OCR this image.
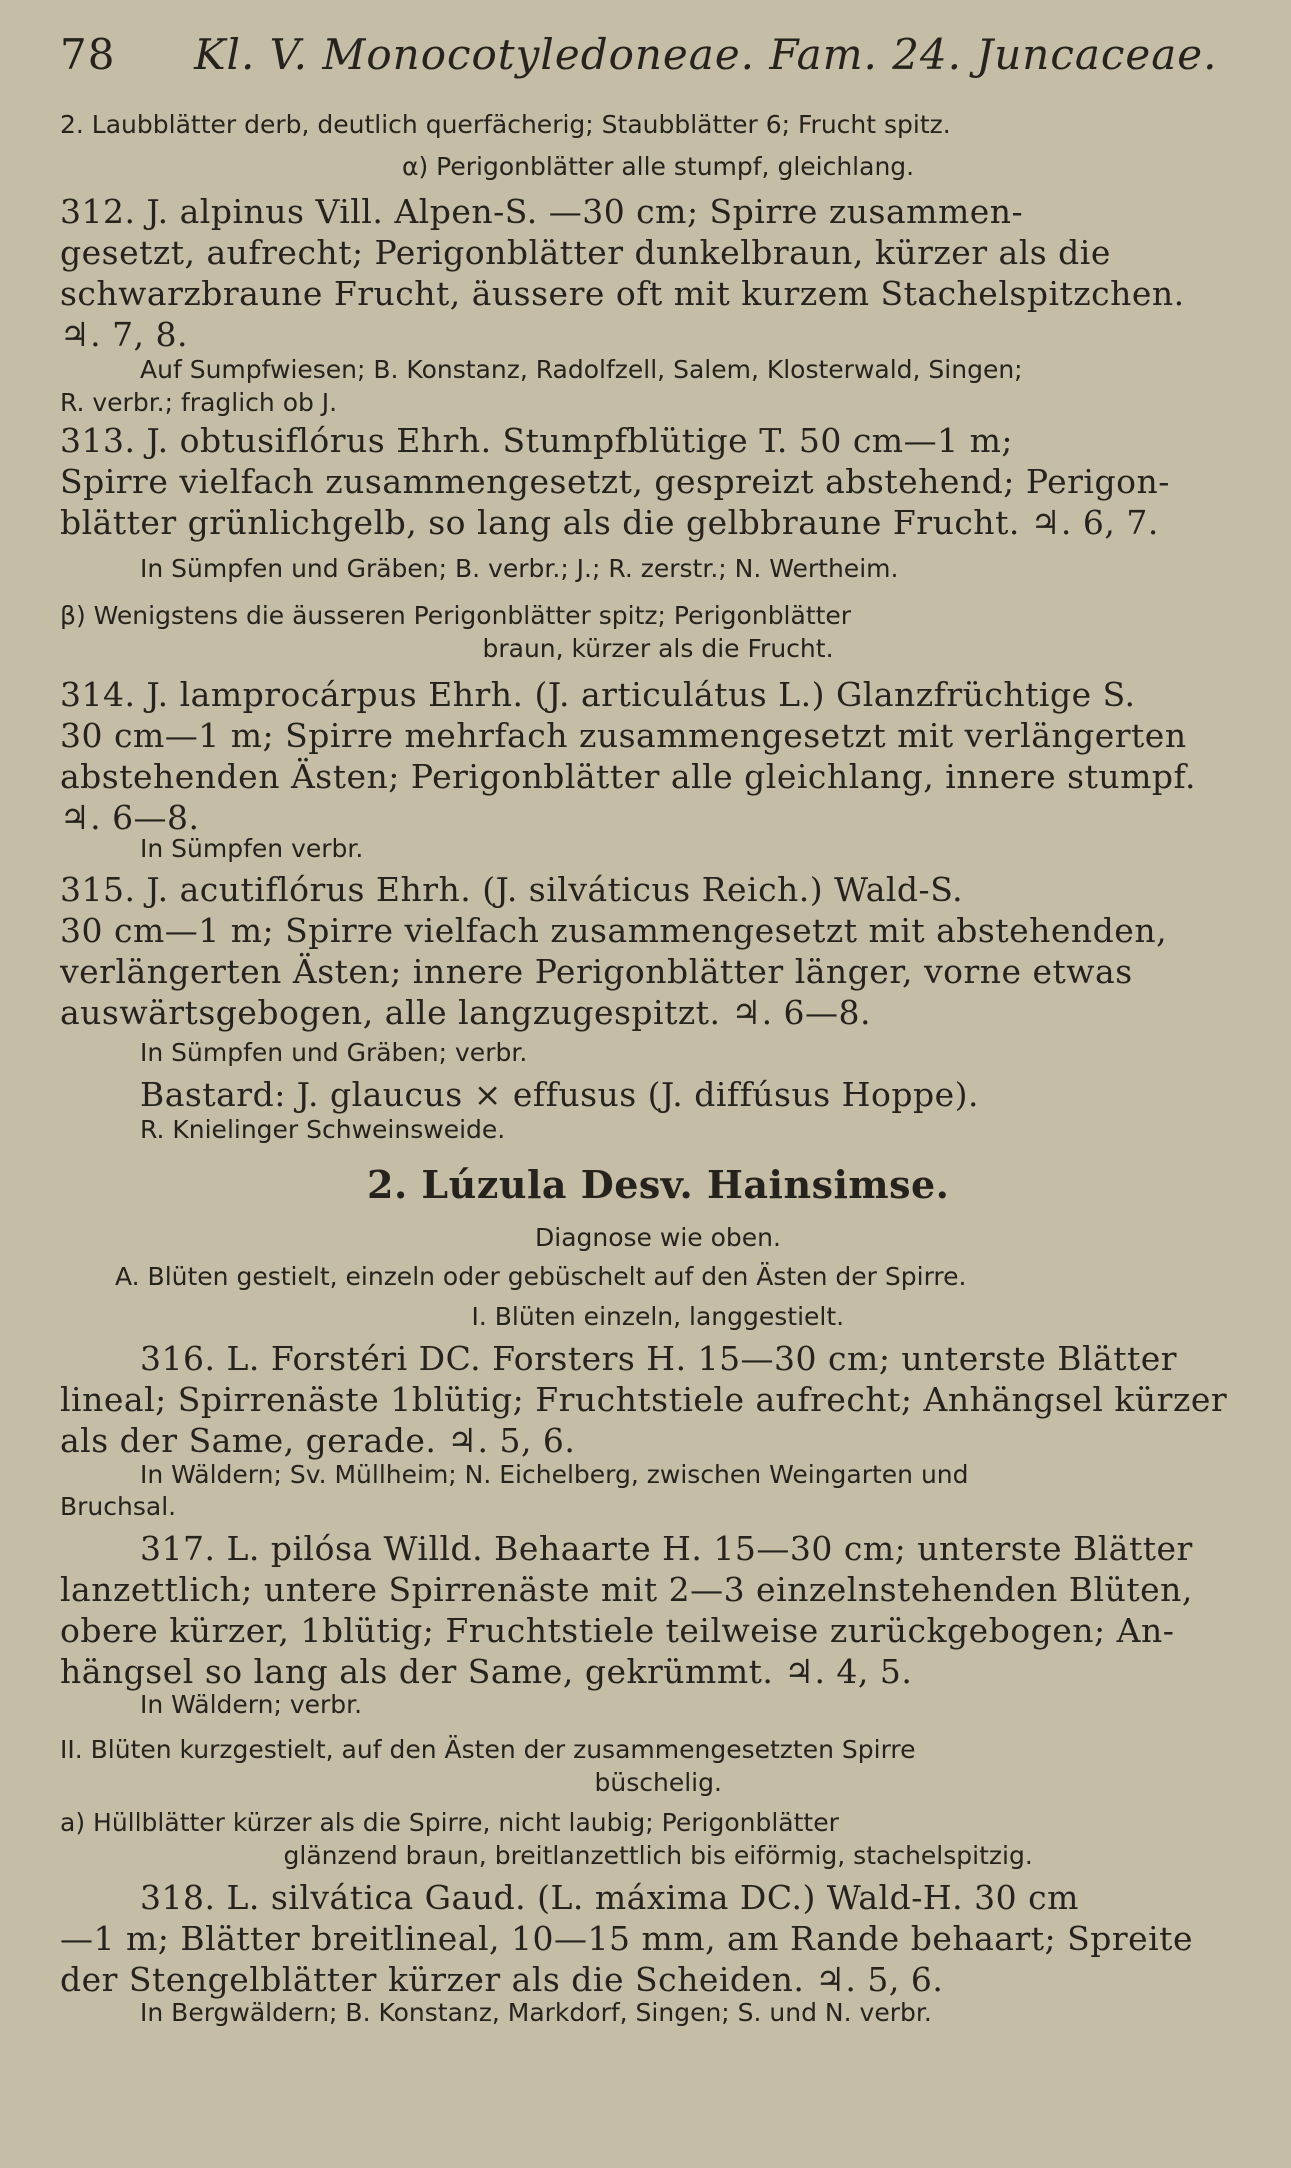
78 Kl. V. Monocotyledoneae. Fam. 24. Juncaceae.
2. Laubblätter derb, deutlich querfächerig; Staubblätter 6; Frucht spitz.
α) Perigonblätter alle stumpf, gleichlang.
312. J. alpinus Vill. Alpen-S. —30 cm; Spirre zusammen-
gesetzt, aufrecht; Perigonblätter dunkelbraun, kürzer als die
schwarzbraune Frucht, äussere oft mit kurzem Stachelspitzchen.
♃. 7, 8.
Auf Sumpfwiesen; B. Konstanz, Radolfzell, Salem, Klosterwald, Singen;
R. verbr.; fraglich ob J.
313. J. obtusiflórus Ehrh. Stumpfblütige T. 50 cm—1 m;
Spirre vielfach zusammengesetzt, gespreizt abstehend; Perigon-
blätter grünlichgelb, so lang als die gelbbraune Frucht. ♃. 6, 7.
In Sümpfen und Gräben; B. verbr.; J.; R. zerstr.; N. Wertheim.
β) Wenigstens die äusseren Perigonblätter spitz; Perigonblätter
braun, kürzer als die Frucht.
314. J. lamprocárpus Ehrh. (J. articulátus L.) Glanzfrüchtige S.
30 cm—1 m; Spirre mehrfach zusammengesetzt mit verlängerten
abstehenden Ästen; Perigonblätter alle gleichlang, innere stumpf.
♃. 6—8.
In Sümpfen verbr.
315. J. acutiflórus Ehrh. (J. silváticus Reich.) Wald-S.
30 cm—1 m; Spirre vielfach zusammengesetzt mit abstehenden,
verlängerten Ästen; innere Perigonblätter länger, vorne etwas
auswärtsgebogen, alle langzugespitzt. ♃. 6—8.
In Sümpfen und Gräben; verbr.
Bastard: J. glaucus × effusus (J. diffúsus Hoppe).
R. Knielinger Schweinsweide.
2. Lúzula Desv. Hainsimse.
Diagnose wie oben.
A. Blüten gestielt, einzeln oder gebüschelt auf den Ästen der Spirre.
I. Blüten einzeln, langgestielt.
316. L. Forstéri DC. Forsters H. 15—30 cm; unterste Blätter
lineal; Spirrenäste 1blütig; Fruchtstiele aufrecht; Anhängsel kürzer
als der Same, gerade. ♃. 5, 6.
In Wäldern; Sv. Müllheim; N. Eichelberg, zwischen Weingarten und
Bruchsal.
317. L. pilósa Willd. Behaarte H. 15—30 cm; unterste Blätter
lanzettlich; untere Spirrenäste mit 2—3 einzelnstehenden Blüten,
obere kürzer, 1blütig; Fruchtstiele teilweise zurückgebogen; An-
hängsel so lang als der Same, gekrümmt. ♃. 4, 5.
In Wäldern; verbr.
II. Blüten kurzgestielt, auf den Ästen der zusammengesetzten Spirre
büschelig.
a) Hüllblätter kürzer als die Spirre, nicht laubig; Perigonblätter
glänzend braun, breitlanzettlich bis eiförmig, stachelspitzig.
318. L. silvática Gaud. (L. máxima DC.) Wald-H. 30 cm
—1 m; Blätter breitlineal, 10—15 mm, am Rande behaart; Spreite
der Stengelblätter kürzer als die Scheiden. ♃. 5, 6.
In Bergwäldern; B. Konstanz, Markdorf, Singen; S. und N. verbr.
